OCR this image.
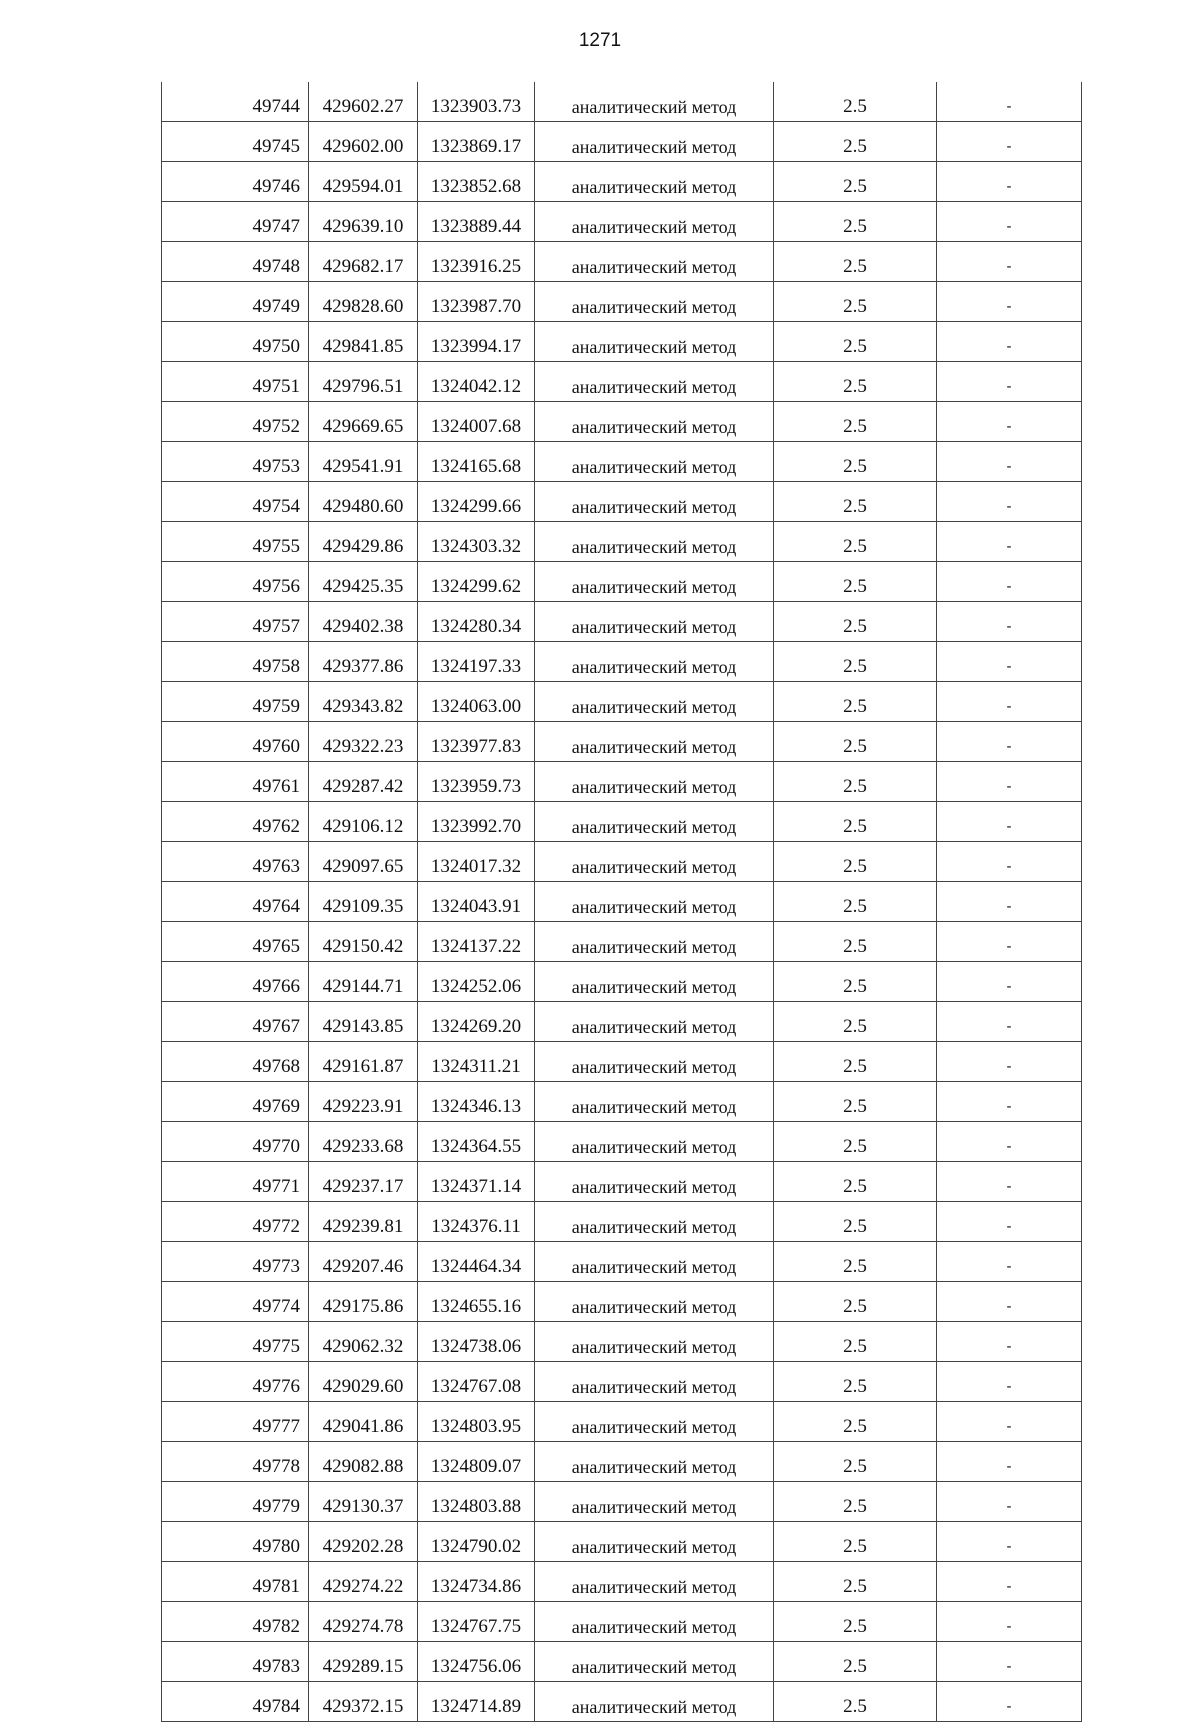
1271
49744	429602.27	1323903.73	аналитический метод	2.5	-
49745	429602.00	1323869.17	аналитический метод	2.5	-
49746	429594.01	1323852.68	аналитический метод	2.5	-
49747	429639.10	1323889.44	аналитический метод	2.5	-
49748	429682.17	1323916.25	аналитический метод	2.5	-
49749	429828.60	1323987.70	аналитический метод	2.5	-
49750	429841.85	1323994.17	аналитический метод	2.5	-
49751	429796.51	1324042.12	аналитический метод	2.5	-
49752	429669.65	1324007.68	аналитический метод	2.5	-
49753	429541.91	1324165.68	аналитический метод	2.5	-
49754	429480.60	1324299.66	аналитический метод	2.5	-
49755	429429.86	1324303.32	аналитический метод	2.5	-
49756	429425.35	1324299.62	аналитический метод	2.5	-
49757	429402.38	1324280.34	аналитический метод	2.5	-
49758	429377.86	1324197.33	аналитический метод	2.5	-
49759	429343.82	1324063.00	аналитический метод	2.5	-
49760	429322.23	1323977.83	аналитический метод	2.5	-
49761	429287.42	1323959.73	аналитический метод	2.5	-
49762	429106.12	1323992.70	аналитический метод	2.5	-
49763	429097.65	1324017.32	аналитический метод	2.5	-
49764	429109.35	1324043.91	аналитический метод	2.5	-
49765	429150.42	1324137.22	аналитический метод	2.5	-
49766	429144.71	1324252.06	аналитический метод	2.5	-
49767	429143.85	1324269.20	аналитический метод	2.5	-
49768	429161.87	1324311.21	аналитический метод	2.5	-
49769	429223.91	1324346.13	аналитический метод	2.5	-
49770	429233.68	1324364.55	аналитический метод	2.5	-
49771	429237.17	1324371.14	аналитический метод	2.5	-
49772	429239.81	1324376.11	аналитический метод	2.5	-
49773	429207.46	1324464.34	аналитический метод	2.5	-
49774	429175.86	1324655.16	аналитический метод	2.5	-
49775	429062.32	1324738.06	аналитический метод	2.5	-
49776	429029.60	1324767.08	аналитический метод	2.5	-
49777	429041.86	1324803.95	аналитический метод	2.5	-
49778	429082.88	1324809.07	аналитический метод	2.5	-
49779	429130.37	1324803.88	аналитический метод	2.5	-
49780	429202.28	1324790.02	аналитический метод	2.5	-
49781	429274.22	1324734.86	аналитический метод	2.5	-
49782	429274.78	1324767.75	аналитический метод	2.5	-
49783	429289.15	1324756.06	аналитический метод	2.5	-
49784	429372.15	1324714.89	аналитический метод	2.5	-
